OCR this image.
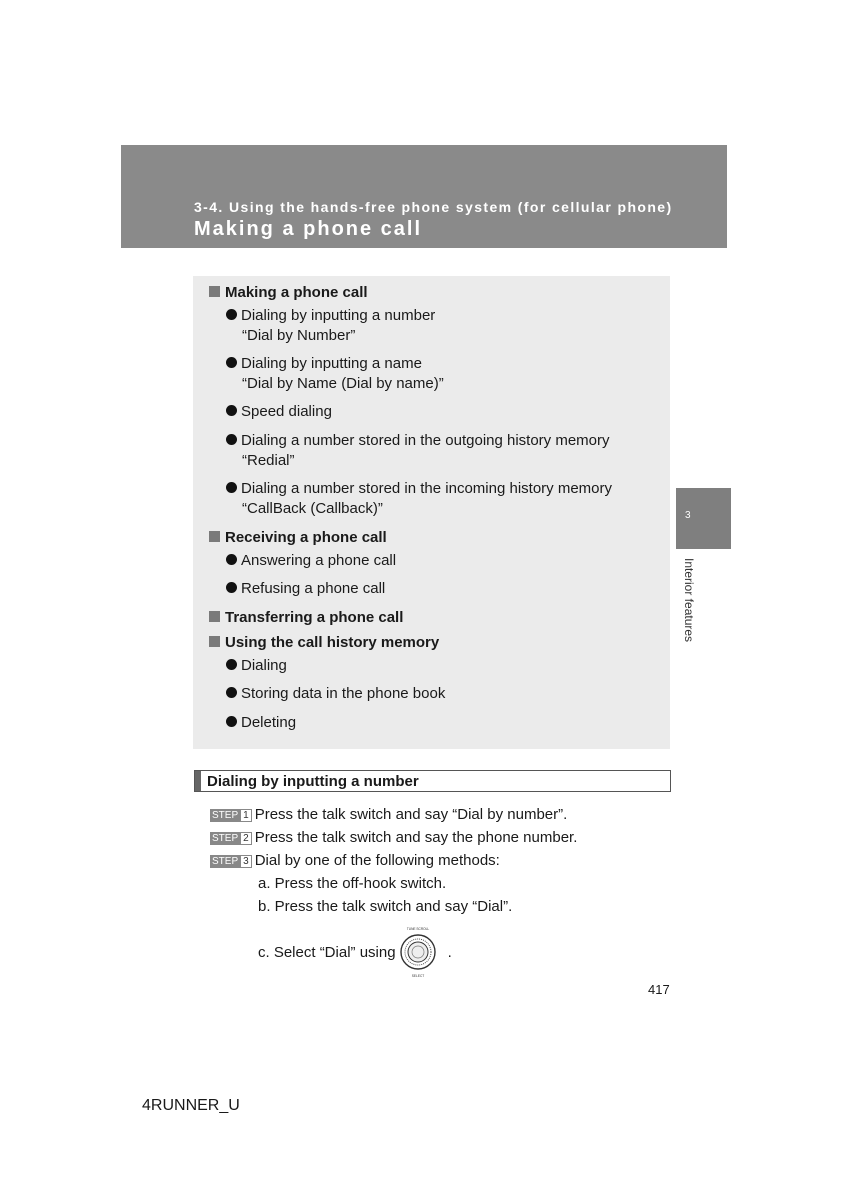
3-4. Using the hands-free phone system (for cellular phone)
Making a phone call
3
Interior features
Making a phone call
Dialing by inputting a number
“Dial by Number”
Dialing by inputting a name
“Dial by Name (Dial by name)”
Speed dialing
Dialing a number stored in the outgoing history memory
“Redial”
Dialing a number stored in the incoming history memory
“CallBack (Callback)”
Receiving a phone call
Answering a phone call
Refusing a phone call
Transferring a phone call
Using the call history memory
Dialing
Storing data in the phone book
Deleting
Dialing by inputting a number
STEP 1 Press the talk switch and say “Dial by number”.
STEP 2 Press the talk switch and say the phone number.
STEP 3 Dial by one of the following methods:
a. Press the off-hook switch.
b. Press the talk switch and say “Dial”.
c. Select “Dial” using	.
TUNE SCROLL
SELECT
417
4RUNNER_U
